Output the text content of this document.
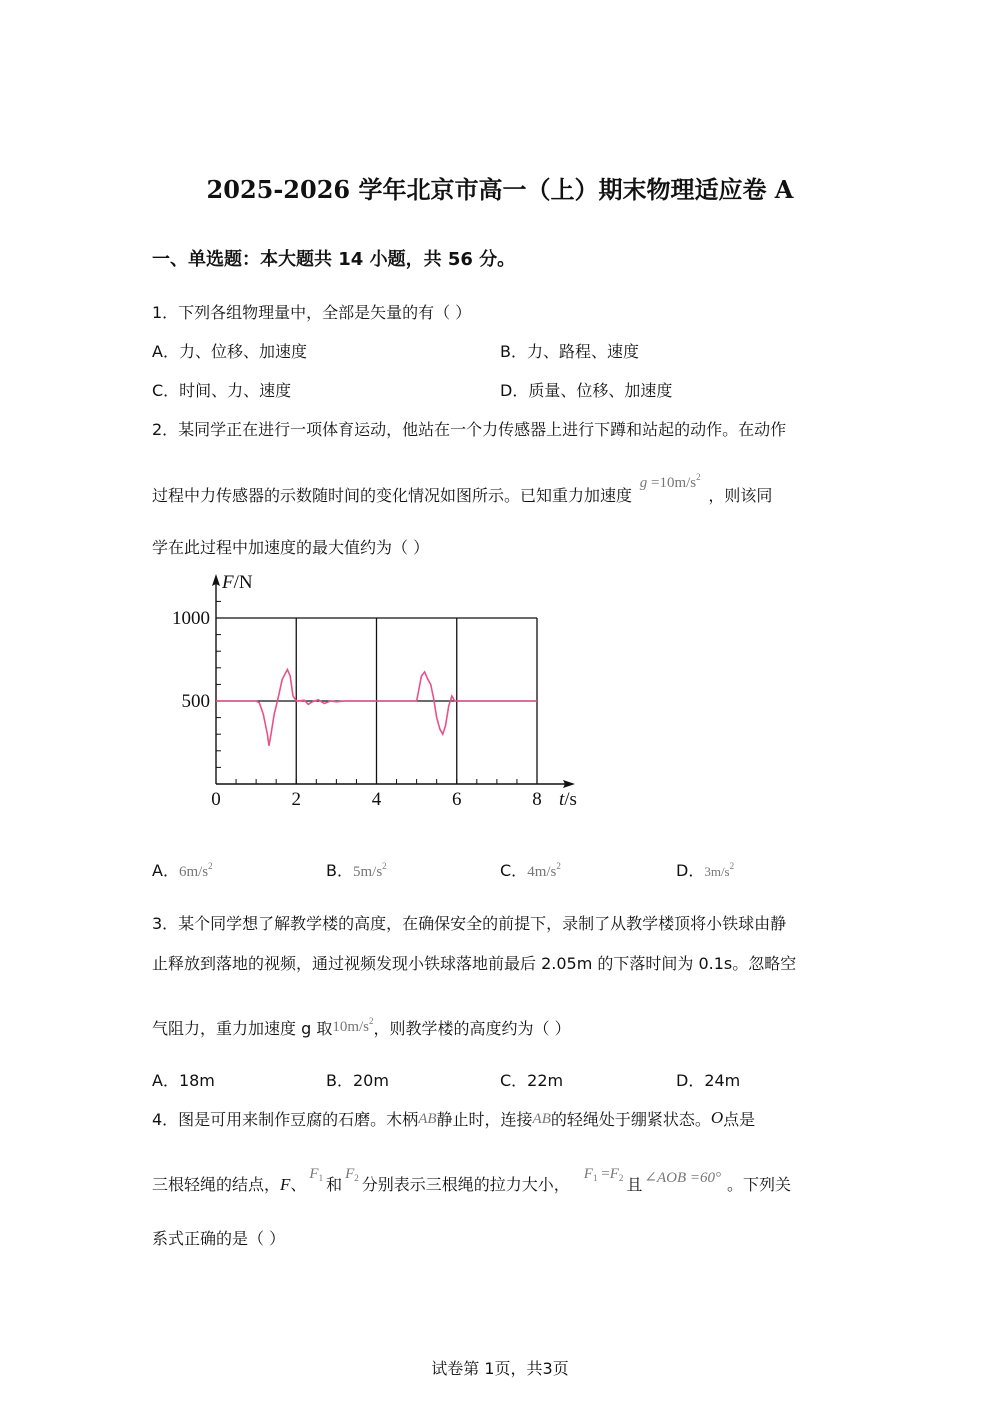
2025-2026 学年北京市高一（上）期末物理适应卷 A
一、单选题：本大题共 14 小题，共 56 分。
1．下列各组物理量中，全部是矢量的有（ ）
A．力、位移、加速度	B．力、路程、速度
C．时间、力、速度	D．质量、位移、加速度
2．某同学正在进行一项体育运动，他站在一个力传感器上进行下蹲和站起的动作。在动作
过程中力传感器的示数随时间的变化情况如图所示。已知重力加速度 $g =10m/s^2$ ，则该同
学在此过程中加速度的最大值约为（ ）
0	2	4	6	8
500
1000
F/N
t/s
A．$6m/s^2$	B．$5m/s^2$	C．$4m/s^2$	D．$3m/s^2$
3．某个同学想了解教学楼的高度，在确保安全的前提下，录制了从教学楼顶将小铁球由静
止释放到落地的视频，通过视频发现小铁球落地前最后 2.05m 的下落时间为 0.1s。忽略空
气阻力，重力加速度 g 取$10m/s^2$，则教学楼的高度约为（ ）
A．18m	B．20m	C．22m	D．24m
4．图是可用来制作豆腐的石磨。木柄AB静止时，连接AB的轻绳处于绷紧状态。O点是
三根轻绳的结点，F、$F_1$ 和$F_2$ 分别表示三根绳的拉力大小，$F_1 =F_2$ 且 ∠AOB =60° 。下列关
系式正确的是（ ）
试卷第 1页，共3页
